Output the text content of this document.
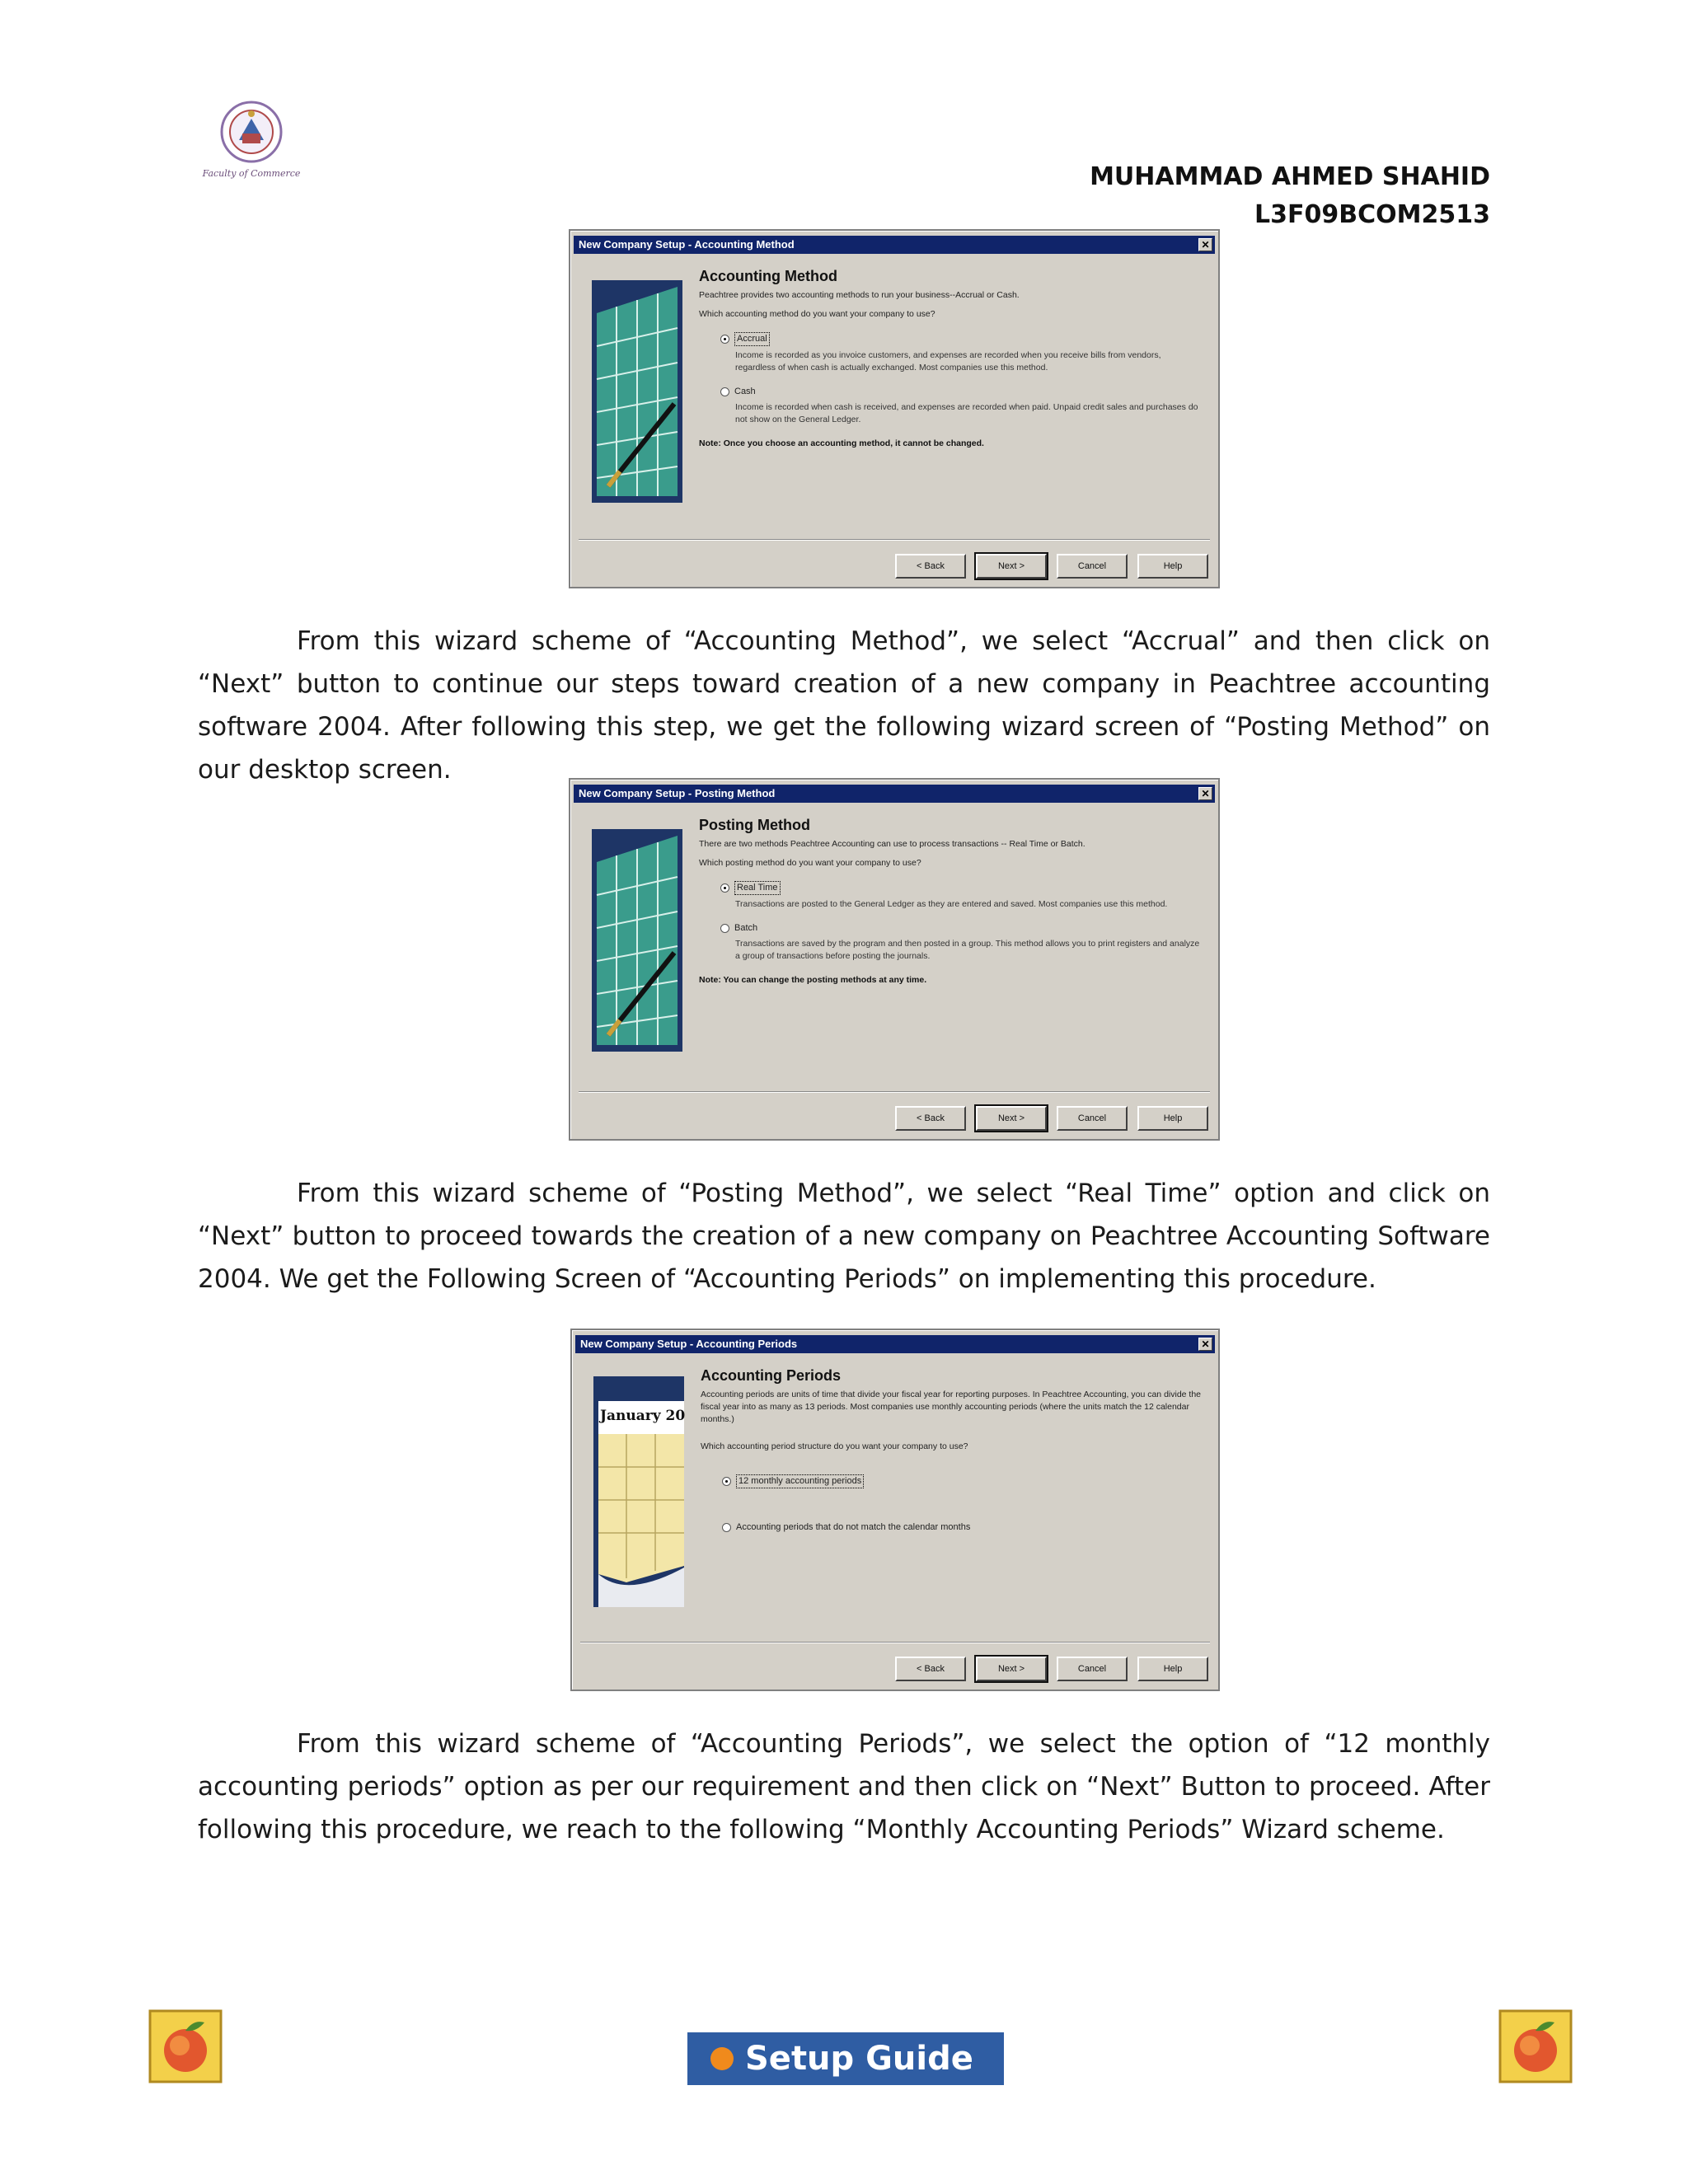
Faculty of Commerce	MUHAMMAD AHMED SHAHID
L3F09BCOM2513
New Company Setup - Accounting Method	✕
Accounting Method
Peachtree provides two accounting methods to run your business--Accrual or Cash.
Which accounting method do you want your company to use?
Accrual
Income is recorded as you invoice customers, and expenses are recorded when you receive bills from vendors, regardless of when cash is actually exchanged. Most companies use this method.
Cash
Income is recorded when cash is received, and expenses are recorded when paid. Unpaid credit sales and purchases do not show on the General Ledger.
Note: Once you choose an accounting method, it cannot be changed.
< Back	Next >	Cancel	Help
From this wizard scheme of “Accounting Method”, we select “Accrual” and then click on “Next” button to continue our steps toward creation of a new company in Peachtree accounting software 2004. After following this step, we get the following wizard screen of “Posting Method” on our desktop screen.
New Company Setup - Posting Method	✕
Posting Method
There are two methods Peachtree Accounting can use to process transactions -- Real Time or Batch.
Which posting method do you want your company to use?
Real Time
Transactions are posted to the General Ledger as they are entered and saved. Most companies use this method.
Batch
Transactions are saved by the program and then posted in a group. This method allows you to print registers and analyze a group of transactions before posting the journals.
Note: You can change the posting methods at any time.
< Back	Next >	Cancel	Help
From this wizard scheme of “Posting Method”, we select “Real Time” option and click on “Next” button to proceed towards the creation of a new company on Peachtree Accounting Software 2004. We get the Following Screen of “Accounting Periods” on implementing this procedure.
New Company Setup - Accounting Periods	✕
January 20
Accounting Periods
Accounting periods are units of time that divide your fiscal year for reporting purposes. In Peachtree Accounting, you can divide the fiscal year into as many as 13 periods. Most companies use monthly accounting periods (where the units match the 12 calendar months.)
Which accounting period structure do you want your company to use?
12 monthly accounting periods
Accounting periods that do not match the calendar months
< Back	Next >	Cancel	Help
From this wizard scheme of “Accounting Periods”, we select the option of “12 monthly accounting periods” option as per our requirement and then click on “Next” Button to proceed. After following this procedure, we reach to the following “Monthly Accounting Periods” Wizard scheme.
Setup Guide
